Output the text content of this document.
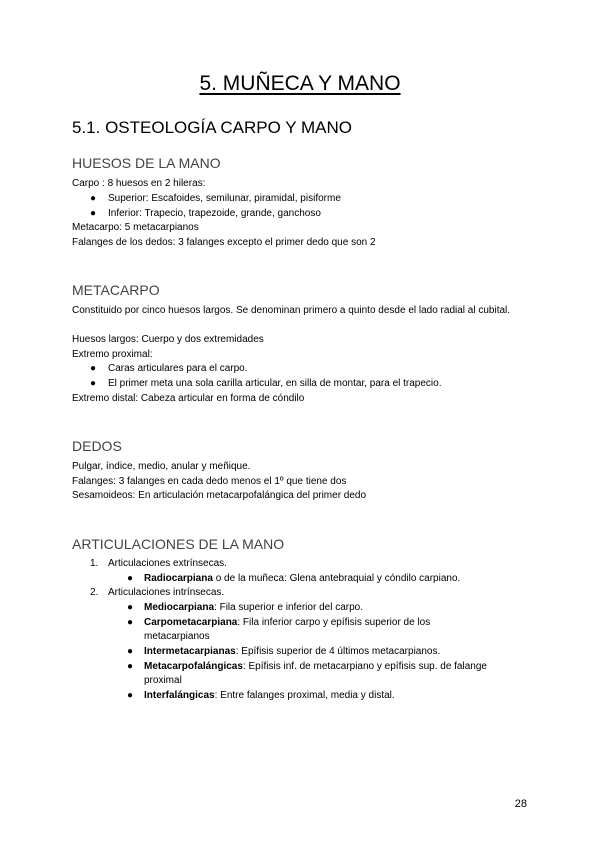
5. MUÑECA Y MANO
5.1. OSTEOLOGÍA CARPO Y MANO
HUESOS DE LA MANO
Carpo : 8 huesos en 2 hileras:
● Superior: Escafoides, semilunar, piramidal, pisiforme
● Inferior: Trapecio, trapezoide, grande, ganchoso
Metacarpo: 5 metacarpianos
Falanges de los dedos: 3 falanges excepto el primer dedo que son 2
METACARPO
Constituido por cinco huesos largos. Se denominan primero a quinto desde el lado radial al cubital.
Huesos largos: Cuerpo y dos extremidades
Extremo proximal:
● Caras articulares para el carpo.
● El primer meta una sola carilla articular, en silla de montar, para el trapecio.
Extremo distal: Cabeza articular en forma de cóndilo
DEDOS
Pulgar, índice, medio, anular y meñique.
Falanges: 3 falanges en cada dedo menos el 1º que tiene dos
Sesamoideos: En articulación metacarpofalángica del primer dedo
ARTICULACIONES DE LA MANO
1. Articulaciones extrínsecas.
● Radiocarpiana o de la muñeca: Glena antebraquial y cóndilo carpiano.
2. Articulaciones intrínsecas.
● Mediocarpiana: Fila superior e inferior del carpo.
● Carpometacarpiana: Fila inferior carpo y epífisis superior de los
metacarpianos
● Intermetacarpianas: Epífisis superior de 4 últimos metacarpianos.
● Metacarpofalángicas: Epífisis inf. de metacarpiano y epífisis sup. de falange
proximal
● Interfalángicas: Entre falanges proximal, media y distal.
28
